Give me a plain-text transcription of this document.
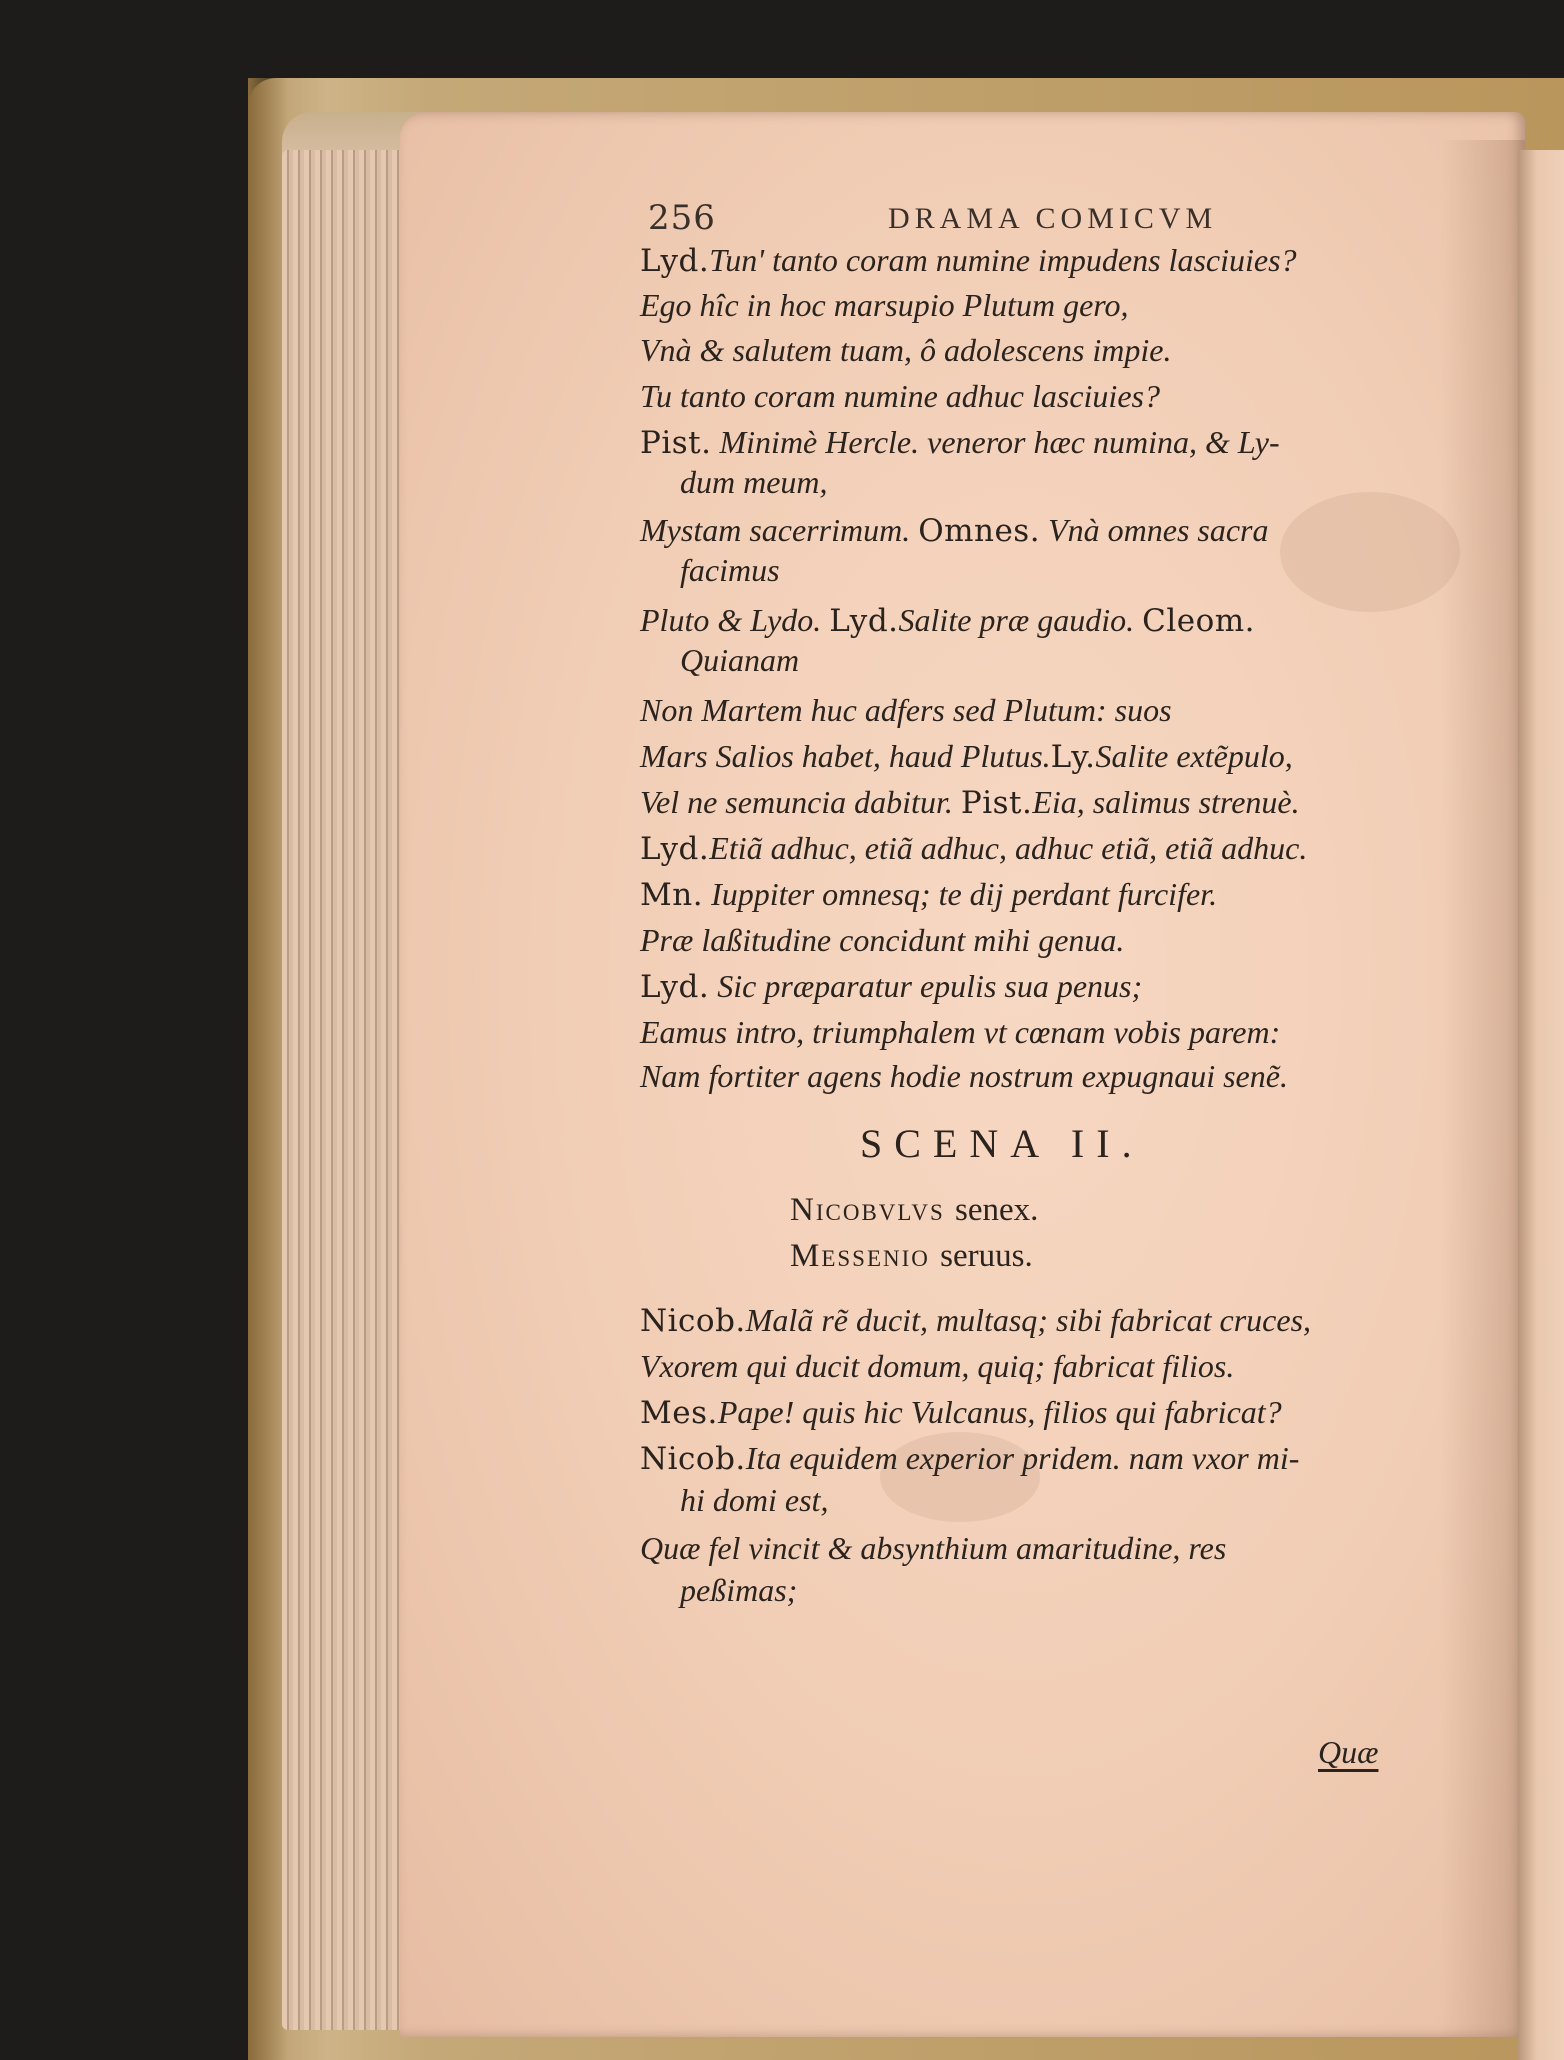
256	DRAMA COMICVM
Lyd.Tun' tanto coram numine impudens lasciuies?
Ego hîc in hoc marsupio Plutum gero,
Vnà & salutem tuam, ô adolescens impie.
Tu tanto coram numine adhuc lasciuies?
Pist. Minimè Hercle. veneror hæc numina, & Ly-
dum meum,
Mystam sacerrimum. Omnes. Vnà omnes sacra
facimus
Pluto & Lydo. Lyd.Salite præ gaudio. Cleom.
Quianam
Non Martem huc adfers sed Plutum: suos
Mars Salios habet, haud Plutus.Ly.Salite extẽpulo,
Vel ne semuncia dabitur. Pist.Eia, salimus strenuè.
Lyd.Etiã adhuc, etiã adhuc, adhuc etiã, etiã adhuc.
Mn. Iuppiter omnesq; te dij perdant furcifer.
Præ laßitudine concidunt mihi genua.
Lyd. Sic præparatur epulis sua penus;
Eamus intro, triumphalem vt cœnam vobis parem:
Nam fortiter agens hodie nostrum expugnaui senẽ.
SCENA II.
Nicobvlvs senex.
Messenio seruus.
Nicob.Malã rẽ ducit, multasq; sibi fabricat cruces,
Vxorem qui ducit domum, quiq; fabricat filios.
Mes.Pape! quis hic Vulcanus, filios qui fabricat?
Nicob.Ita equidem experior pridem. nam vxor mi-
hi domi est,
Quæ fel vincit & absynthium amaritudine, res
peßimas;
Quæ
